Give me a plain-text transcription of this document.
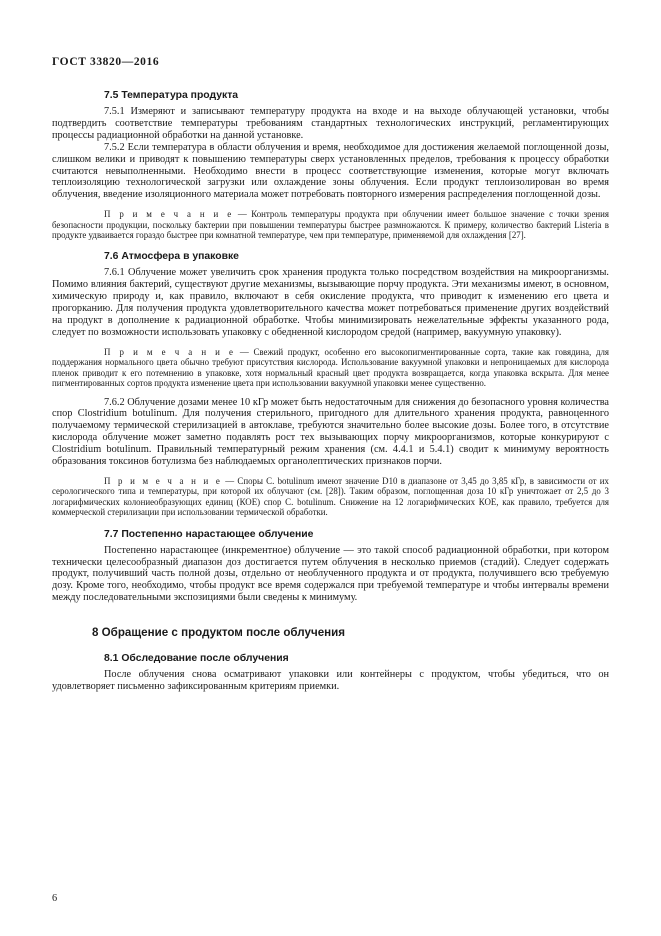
ГОСТ 33820—2016
7.5 Температура продукта

7.5.1 Измеряют и записывают температуру продукта на входе и на выходе облучающей установки, чтобы подтвердить соответствие температуры требованиям стандартных технологических инструкций, регламентирующих процессы радиационной обработки на данной установке.

7.5.2 Если температура в области облучения и время, необходимое для достижения желаемой поглощенной дозы, слишком велики и приводят к повышению температуры сверх установленных пределов, требования к процессу обработки считаются невыполненными. Необходимо внести в процесс соответствующие изменения, которые могут включать теплоизоляцию технологической загрузки или охлаждение зоны облучения. Если продукт теплоизолирован во время облучения, введение изоляционного материала может потребовать повторного измерения распределения поглощенной дозы.

П р и м е ч а н и е — Контроль температуры продукта при облучении имеет большое значение с точки зрения безопасности продукции, поскольку бактерии при повышении температуры быстрее размножаются. К примеру, количество бактерий Listeria в продукте удваивается гораздо быстрее при комнатной температуре, чем при температуре, применяемой для охлаждения [27].

7.6 Атмосфера в упаковке

7.6.1 Облучение может увеличить срок хранения продукта только посредством воздействия на микроорганизмы. Помимо влияния бактерий, существуют другие механизмы, вызывающие порчу продукта. Эти механизмы имеют, в основном, химическую природу и, как правило, включают в себя окисление продукта, что приводит к изменению его цвета и прогорканию. Для получения продукта удовлетворительного качества может потребоваться применение других воздействий на продукт в дополнение к радиационной обработке. Чтобы минимизировать нежелательные эффекты указанного рода, следует по возможности использовать упаковку с обедненной кислородом средой (например, вакуумную упаковку).

П р и м е ч а н и е — Свежий продукт, особенно его высокопигментированные сорта, такие как говядина, для поддержания нормального цвета обычно требуют присутствия кислорода. Использование вакуумной упаковки и непроницаемых для кислорода пленок приводит к его потемнению в упаковке, хотя нормальный красный цвет продукта возвращается, когда упаковка вскрыта. Для менее пигментированных сортов продукта изменение цвета при использовании вакуумной упаковки менее существенно.

7.6.2 Облучение дозами менее 10 кГр может быть недостаточным для снижения до безопасного уровня количества спор Clostridium botulinum. Для получения стерильного, пригодного для длительного хранения продукта, равноценного получаемому термической стерилизацией в автоклаве, требуются значительно более высокие дозы. Более того, в отсутствие кислорода облучение может заметно подавлять рост тех вызывающих порчу микроорганизмов, которые конкурируют с Clostridium botulinum. Правильный температурный режим хранения (см. 4.4.1 и 5.4.1) сводит к минимуму вероятность образования токсинов ботулизма без наблюдаемых органолептических признаков порчи.

П р и м е ч а н и е — Споры C. botulinum имеют значение D10 в диапазоне от 3,45 до 3,85 кГр, в зависимости от их серологического типа и температуры, при которой их облучают (см. [28]). Таким образом, поглощенная доза 10 кГр уничтожает от 2,5 до 3 логарифмических колониеобразующих единиц (КОЕ) спор C. botulinum. Снижение на 12 логарифмических КОЕ, как правило, требуется для коммерческой стерилизации при использовании термической обработки.

7.7 Постепенно нарастающее облучение

Постепенно нарастающее (инкрементное) облучение — это такой способ радиационной обработки, при котором технически целесообразный диапазон доз достигается путем облучения в несколько приемов (стадий). Следует содержать продукт, получивший часть полной дозы, отдельно от необлученного продукта и от продукта, получившего всю требуемую дозу. Кроме того, необходимо, чтобы продукт все время содержался при требуемой температуре и чтобы интервалы времени между последовательными экспозициями были сведены к минимуму.

8 Обращение с продуктом после облучения
8.1 Обследование после облучения

После облучения снова осматривают упаковки или контейнеры с продуктом, чтобы убедиться, что он удовлетворяет письменно зафиксированным критериям приемки.

6
